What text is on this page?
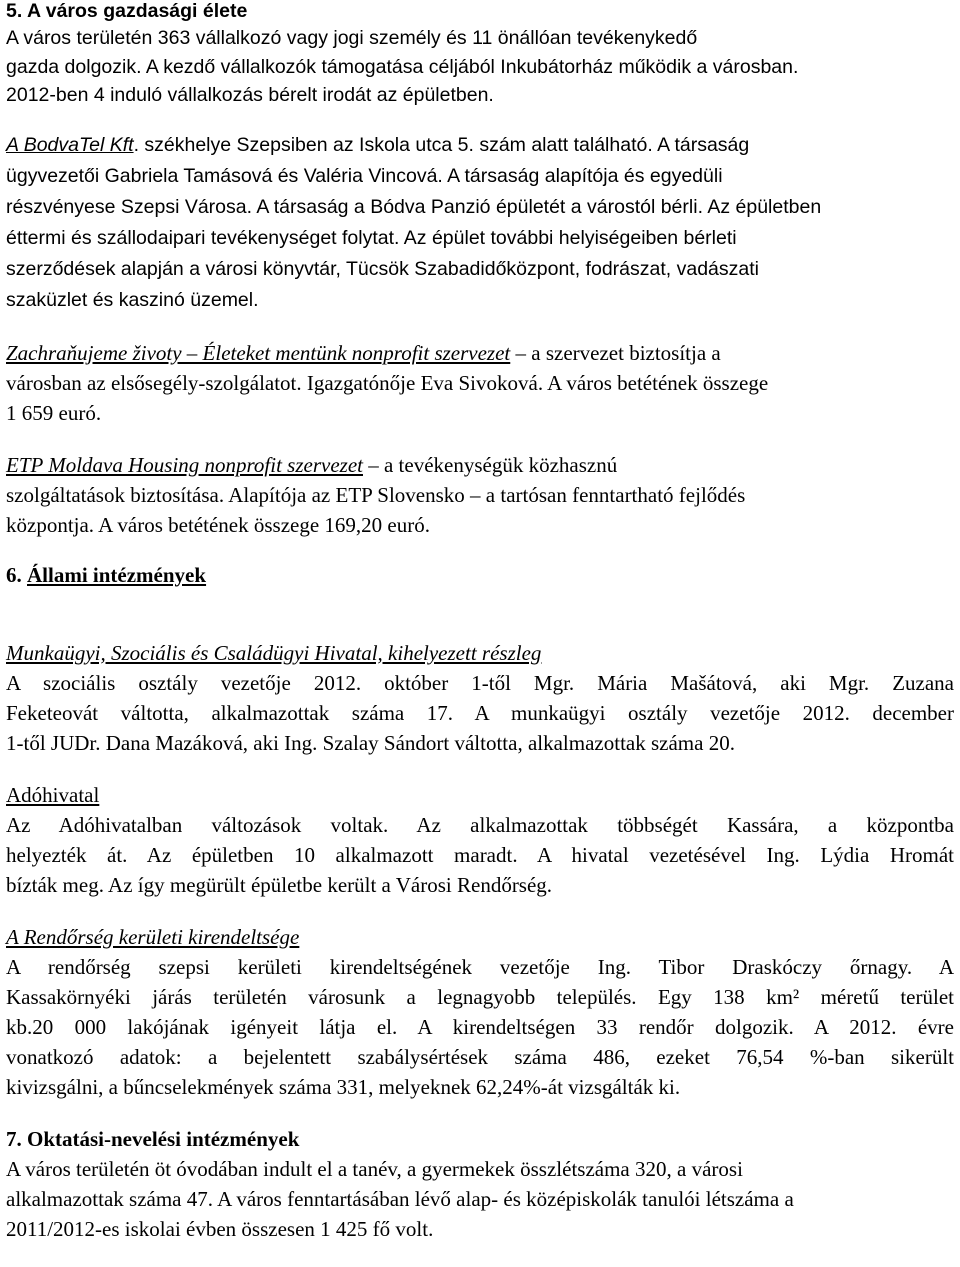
5. A város gazdasági élete
A város területén 363 vállalkozó vagy jogi személy és 11 önállóan tevékenykedő
gazda dolgozik. A kezdő vállalkozók támogatása céljából Inkubátorház működik a városban.
2012-ben 4 induló vállalkozás bérelt irodát az épületben.
A BodvaTel Kft. székhelye Szepsiben az Iskola utca 5. szám alatt található. A társaság
ügyvezetői Gabriela Tamásová és Valéria Vincová. A társaság alapítója és egyedüli
részvényese Szepsi Városa. A társaság a Bódva Panzió épületét a várostól bérli. Az épületben
éttermi és szállodaipari tevékenységet folytat. Az épület további helyiségeiben bérleti
szerződések alapján a városi könyvtár, Tücsök Szabadidőközpont, fodrászat, vadászati
szaküzlet és kaszinó üzemel.
Zachraňujeme životy – Életeket mentünk nonprofit szervezet – a szervezet biztosítja a
városban az elsősegély-szolgálatot. Igazgatónője Eva Sivoková. A város betétének összege
1 659 euró.
ETP Moldava Housing nonprofit szervezet – a tevékenységük közhasznú
szolgáltatások biztosítása. Alapítója az ETP Slovensko – a tartósan fenntartható fejlődés
központja. A város betétének összege 169,20 euró.
6. Állami intézmények
Munkaügyi, Szociális és Családügyi Hivatal, kihelyezett részleg
A szociális osztály vezetője 2012. október 1-től Mgr. Mária Mašátová, aki Mgr. Zuzana
Feketeovát váltotta, alkalmazottak száma 17. A munkaügyi osztály vezetője 2012. december
1-től JUDr. Dana Mazáková, aki Ing. Szalay Sándort váltotta, alkalmazottak száma 20.
Adóhivatal
Az Adóhivatalban változások voltak. Az alkalmazottak többségét Kassára, a központba
helyezték át. Az épületben 10 alkalmazott maradt. A hivatal vezetésével Ing. Lýdia Hromát
bízták meg. Az így megürült épületbe került a Városi Rendőrség.
A Rendőrség kerületi kirendeltsége
A rendőrség szepsi kerületi kirendeltségének vezetője Ing. Tibor Draskóczy őrnagy. A
Kassakörnyéki járás területén városunk a legnagyobb település. Egy 138 km² méretű terület
kb.20 000 lakójának igényeit látja el. A kirendeltségen 33 rendőr dolgozik. A 2012. évre
vonatkozó adatok: a bejelentett szabálysértések száma 486, ezeket 76,54 %-ban sikerült
kivizsgálni, a bűncselekmények száma 331, melyeknek 62,24%-át vizsgálták ki.
7. Oktatási-nevelési intézmények
A város területén öt óvodában indult el a tanév, a gyermekek összlétszáma 320, a városi
alkalmazottak száma 47. A város fenntartásában lévő alap- és középiskolák tanulói létszáma a
2011/2012-es iskolai évben összesen 1 425 fő volt.
